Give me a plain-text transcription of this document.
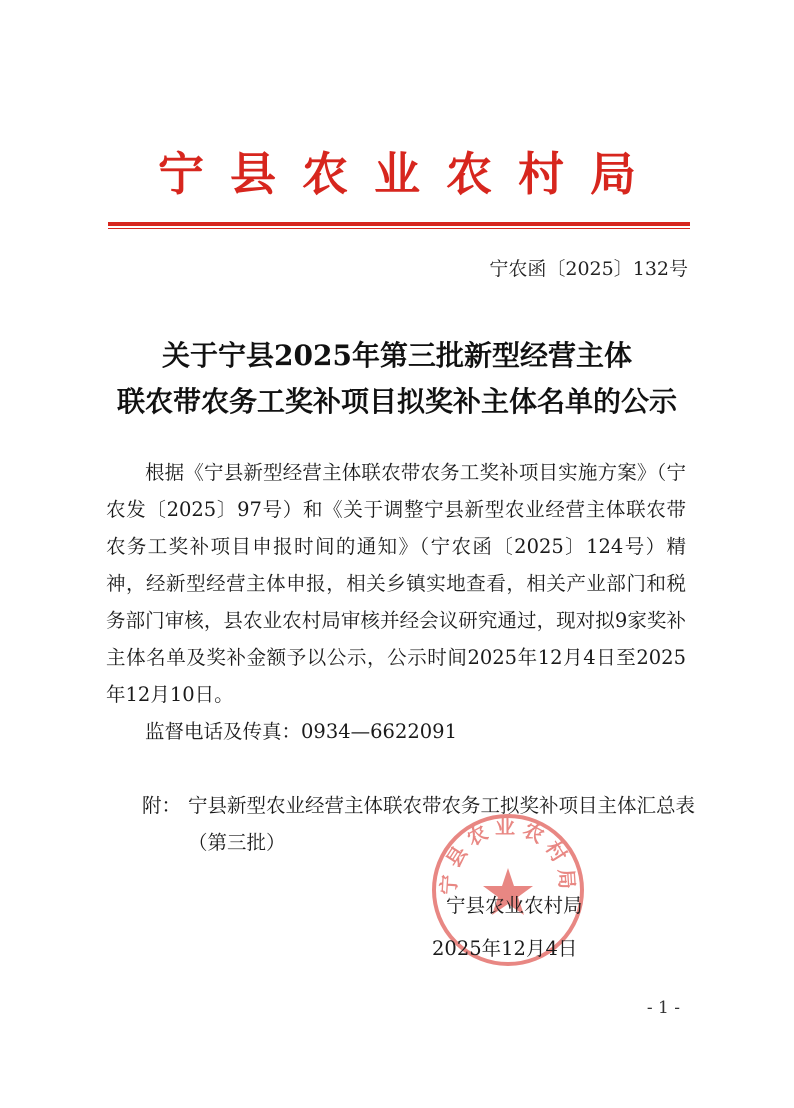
宁县农业农村局
宁农函〔2025〕132号
关于宁县2025年第三批新型经营主体
联农带农务工奖补项目拟奖补主体名单的公示
根据《宁县新型经营主体联农带农务工奖补项目实施方案》（宁农发〔2025〕97号）和《关于调整宁县新型农业经营主体联农带农务工奖补项目申报时间的通知》（宁农函〔2025〕124号）精神，经新型经营主体申报，相关乡镇实地查看，相关产业部门和税务部门审核，县农业农村局审核并经会议研究通过，现对拟9家奖补主体名单及奖补金额予以公示，公示时间2025年12月4日至2025年12月10日。
监督电话及传真：0934—6622091
附： 宁县新型农业经营主体联农带农务工拟奖补项目主体汇总表（第三批）
宁县农业农村局
宁县农业农村局
2025年12月4日
- 1 -
